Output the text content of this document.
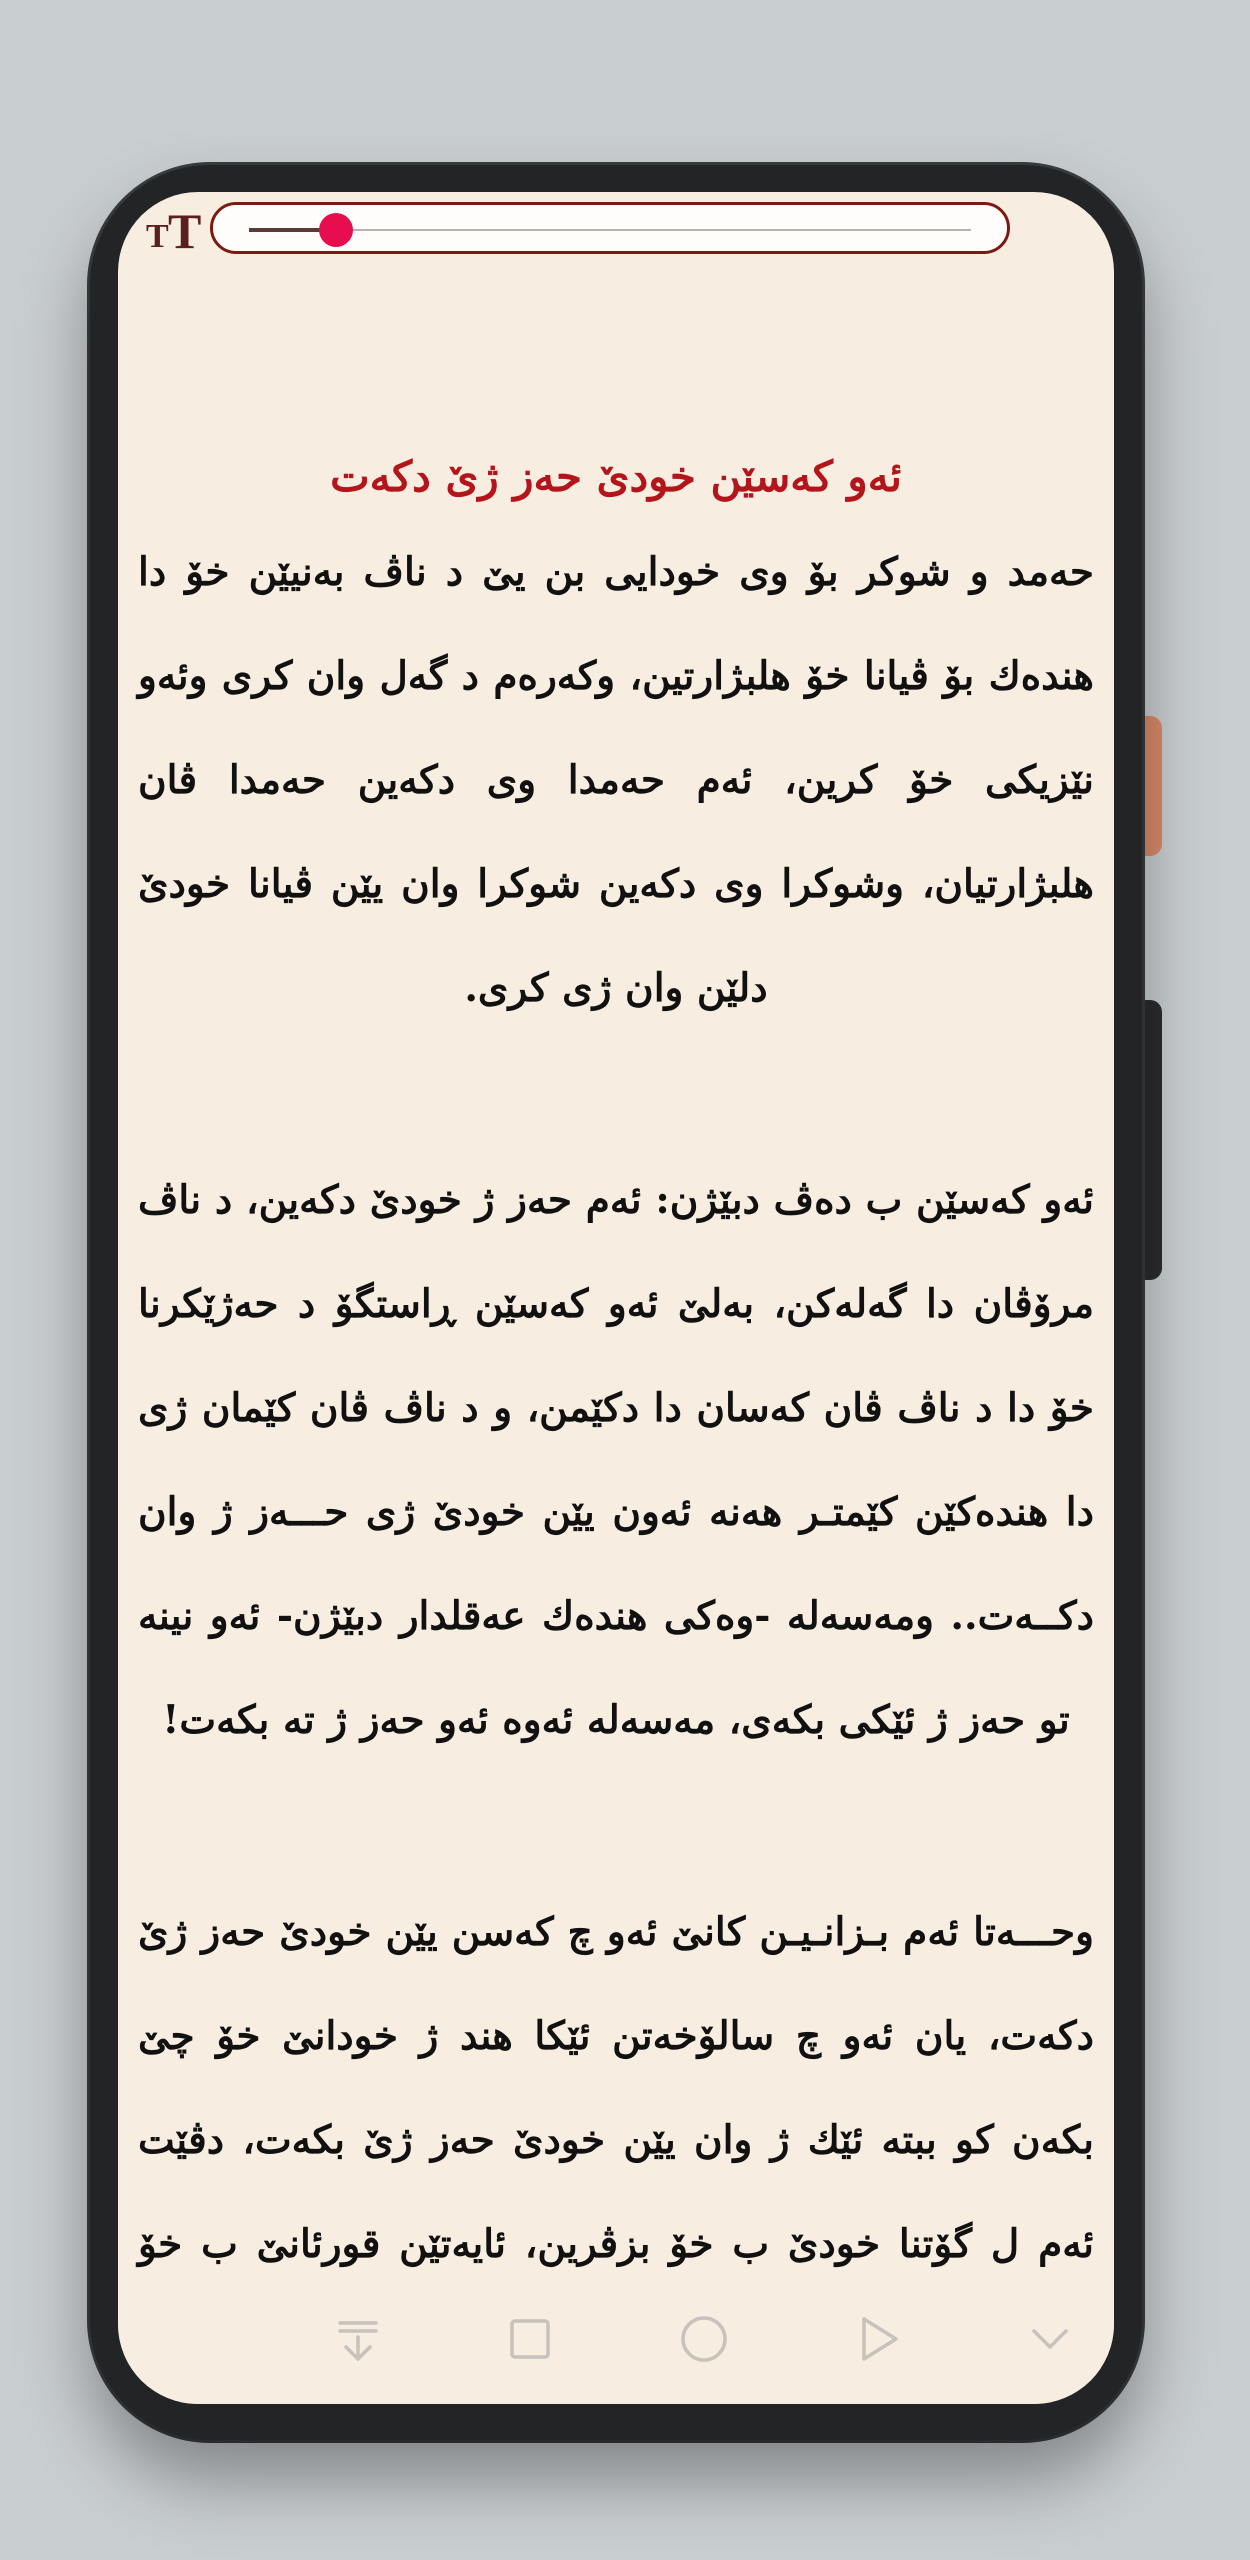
T T
ئەو کەسێن خودێ حەز ژێ دکەت

حەمد و شوکر بۆ وی خودایی بن یێ د ناڤ بەنیێن خۆ دا هندەك بۆ ڤیانا خۆ هلبژارتین، وکەرەم د گەل وان کری وئەو نێزیکی خۆ کرین، ئەم حەمدا وی دکەین حەمدا ڤان هلبژارتیان، وشوکرا وی دکەین شوکرا وان یێن ڤیانا خودێ دلێن وان ژی کری.

ئەو کەسێن ب دەڤ دبێژن: ئەم حەز ژ خودێ دکەین، د ناڤ مرۆڤان دا گەلەکن، بەلێ ئەو کەسێن ڕاستگۆ د حەژێکرنا خۆ دا د ناڤ ڤان کەسان دا دکێمن، و د ناڤ ڤان کێمان ژی دا هندەکێن کێمتـر هەنە ئەون یێن خودێ ژی حـــەز ژ وان دکــەت.. ومەسەلە -وەکی هندەك عەقلدار دبێژن- ئەو نینە تو حەز ژ ئێکی بکەی، مەسەلە ئەوە ئەو حەز ژ تە بکەت!

وحـــەتا ئەم بـزانـیـن کانێ ئەو چ کەسن یێن خودێ حەز ژێ دکەت، یان ئەو چ سالۆخەتن ئێکا هند ژ خودانێ خۆ چێ بکەن کو ببتە ئێك ژ وان یێن خودێ حەز ژێ بکەت، دڤێت ئەم ل گۆتنا خودێ ب خۆ بزڤرین، ئایەتێن قورئانێ ب خۆ
